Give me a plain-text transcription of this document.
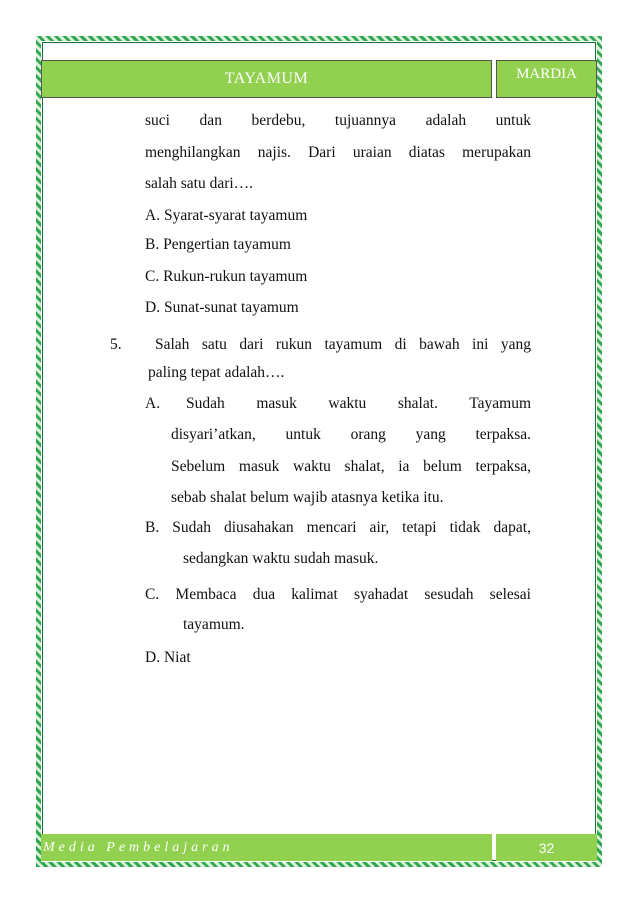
TAYAMUM	MARDIA
suci dan berdebu, tujuannya adalah untuk
menghilangkan najis. Dari uraian diatas merupakan
salah satu dari….
A. Syarat-syarat tayamum
B. Pengertian tayamum
C. Rukun-rukun tayamum
D. Sunat-sunat tayamum
5. Salah satu dari rukun tayamum di bawah ini yang
paling tepat adalah….
A. Sudah masuk waktu shalat. Tayamum
disyari’atkan, untuk orang yang terpaksa.
Sebelum masuk waktu shalat, ia belum terpaksa,
sebab shalat belum wajib atasnya ketika itu.
B. Sudah diusahakan mencari air, tetapi tidak dapat,
sedangkan waktu sudah masuk.
C. Membaca dua kalimat syahadat sesudah selesai
tayamum.
D. Niat
Media Pembelajaran	32
